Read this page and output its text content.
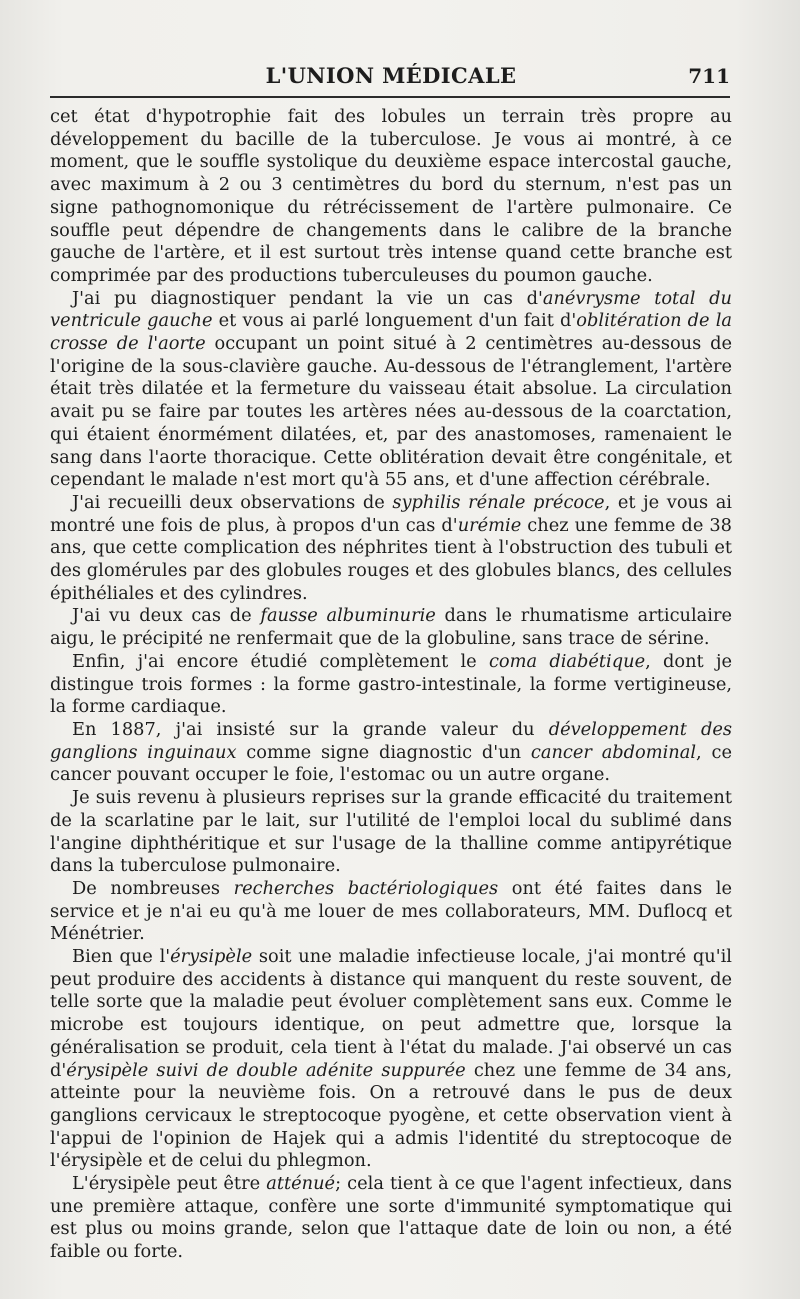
L'UNION MÉDICALE	711

cet état d'hypotrophie fait des lobules un terrain très propre au développement du bacille de la tuberculose. Je vous ai montré, à ce moment, que le souffle systolique du deuxième espace intercostal gauche, avec maximum à 2 ou 3 centimètres du bord du sternum, n'est pas un signe pathognomonique du rétrécissement de l'artère pulmonaire. Ce souffle peut dépendre de changements dans le calibre de la branche gauche de l'artère, et il est surtout très intense quand cette branche est comprimée par des productions tuberculeuses du poumon gauche.

J'ai pu diagnostiquer pendant la vie un cas d'anévrysme total du ventricule gauche et vous ai parlé longuement d'un fait d'oblitération de la crosse de l'aorte occupant un point situé à 2 centimètres au-dessous de l'origine de la sous-clavière gauche. Au-dessous de l'étranglement, l'artère était très dilatée et la fermeture du vaisseau était absolue. La circulation avait pu se faire par toutes les artères nées au-dessous de la coarctation, qui étaient énormément dilatées, et, par des anastomoses, ramenaient le sang dans l'aorte thoracique. Cette oblitération devait être congénitale, et cependant le malade n'est mort qu'à 55 ans, et d'une affection cérébrale.

J'ai recueilli deux observations de syphilis rénale précoce, et je vous ai montré une fois de plus, à propos d'un cas d'urémie chez une femme de 38 ans, que cette complication des néphrites tient à l'obstruction des tubuli et des glomérules par des globules rouges et des globules blancs, des cellules épithéliales et des cylindres.

J'ai vu deux cas de fausse albuminurie dans le rhumatisme articulaire aigu, le précipité ne renfermait que de la globuline, sans trace de sérine.

Enfin, j'ai encore étudié complètement le coma diabétique, dont je distingue trois formes : la forme gastro-intestinale, la forme vertigineuse, la forme cardiaque.

En 1887, j'ai insisté sur la grande valeur du développement des ganglions inguinaux comme signe diagnostic d'un cancer abdominal, ce cancer pouvant occuper le foie, l'estomac ou un autre organe.

Je suis revenu à plusieurs reprises sur la grande efficacité du traitement de la scarlatine par le lait, sur l'utilité de l'emploi local du sublimé dans l'angine diphthéritique et sur l'usage de la thalline comme antipyrétique dans la tuberculose pulmonaire.

De nombreuses recherches bactériologiques ont été faites dans le service et je n'ai eu qu'à me louer de mes collaborateurs, MM. Duflocq et Ménétrier.

Bien que l'érysipèle soit une maladie infectieuse locale, j'ai montré qu'il peut produire des accidents à distance qui manquent du reste souvent, de telle sorte que la maladie peut évoluer complètement sans eux. Comme le microbe est toujours identique, on peut admettre que, lorsque la généralisation se produit, cela tient à l'état du malade. J'ai observé un cas d'érysipèle suivi de double adénite suppurée chez une femme de 34 ans, atteinte pour la neuvième fois. On a retrouvé dans le pus de deux ganglions cervicaux le streptocoque pyogène, et cette observation vient à l'appui de l'opinion de Hajek qui a admis l'identité du streptocoque de l'érysipèle et de celui du phlegmon.

L'érysipèle peut être atténué; cela tient à ce que l'agent infectieux, dans une première attaque, confère une sorte d'immunité symptomatique qui est plus ou moins grande, selon que l'attaque date de loin ou non, a été faible ou forte.
